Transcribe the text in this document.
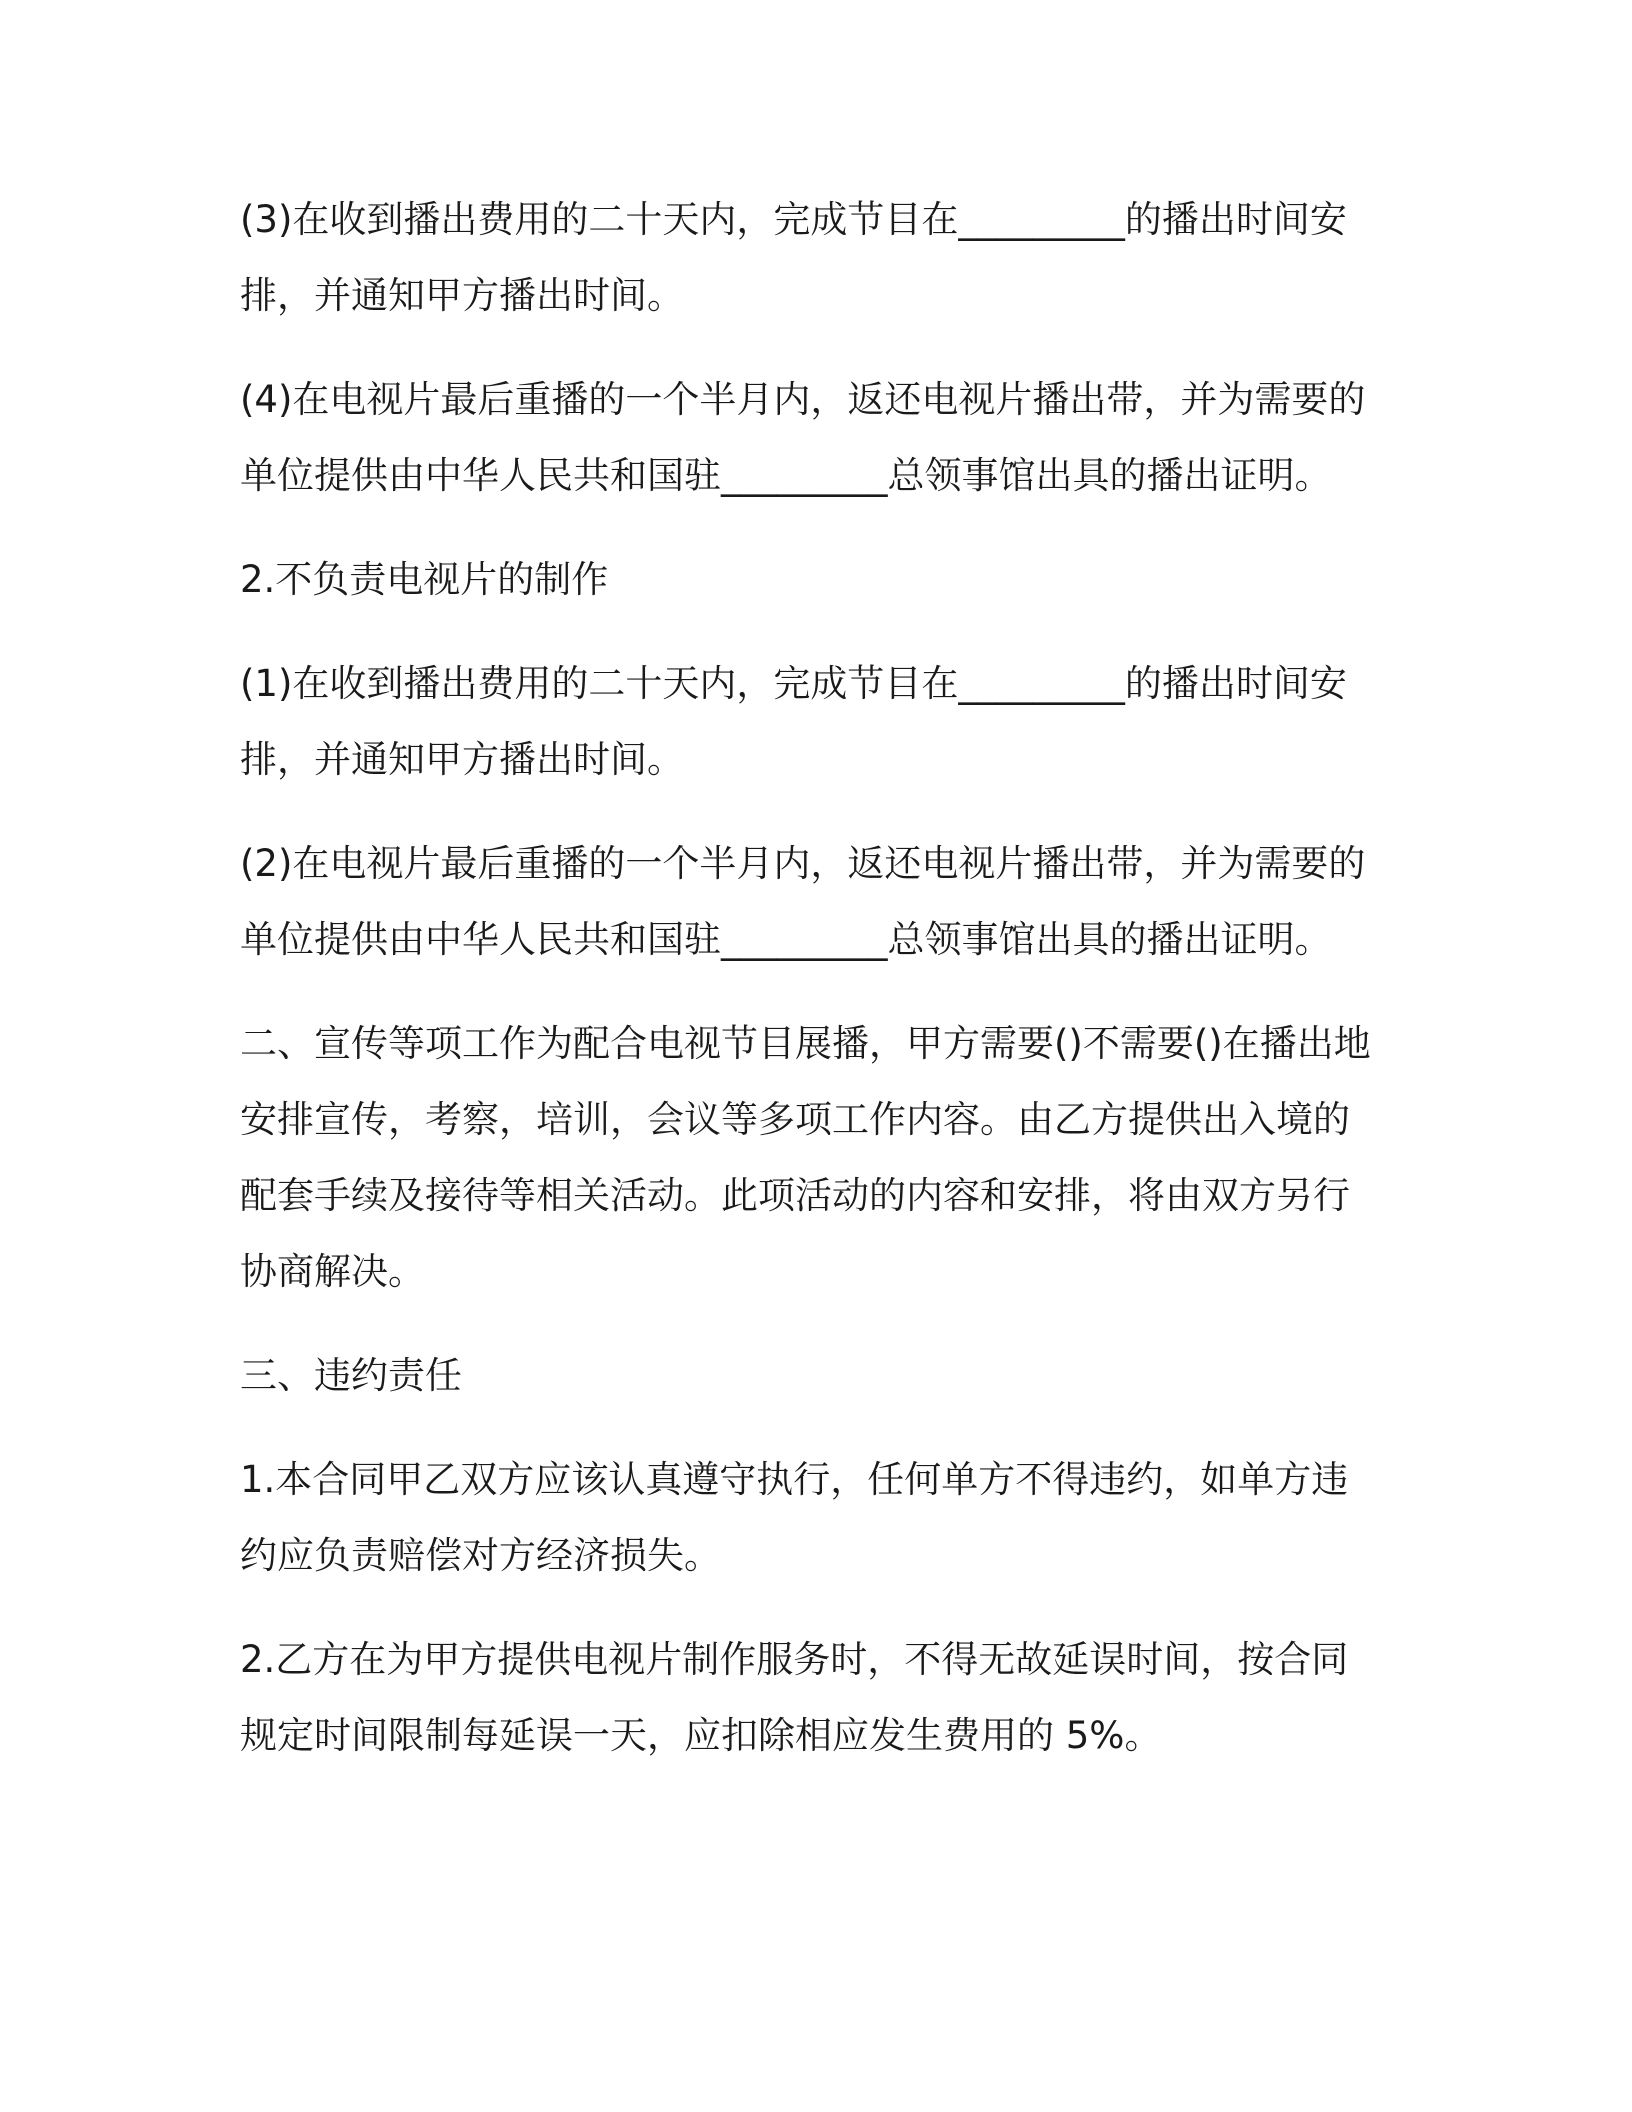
(3)在收到播出费用的二十天内，完成节目在_________的播出时间安
排，并通知甲方播出时间。

(4)在电视片最后重播的一个半月内，返还电视片播出带，并为需要的
单位提供由中华人民共和国驻_________总领事馆出具的播出证明。

2.不负责电视片的制作

(1)在收到播出费用的二十天内，完成节目在_________的播出时间安
排，并通知甲方播出时间。

(2)在电视片最后重播的一个半月内，返还电视片播出带，并为需要的
单位提供由中华人民共和国驻_________总领事馆出具的播出证明。

二、宣传等项工作为配合电视节目展播，甲方需要()不需要()在播出地
安排宣传，考察，培训，会议等多项工作内容。由乙方提供出入境的
配套手续及接待等相关活动。此项活动的内容和安排，将由双方另行
协商解决。

三、违约责任

1.本合同甲乙双方应该认真遵守执行，任何单方不得违约，如单方违
约应负责赔偿对方经济损失。

2.乙方在为甲方提供电视片制作服务时，不得无故延误时间，按合同
规定时间限制每延误一天，应扣除相应发生费用的 5%。
